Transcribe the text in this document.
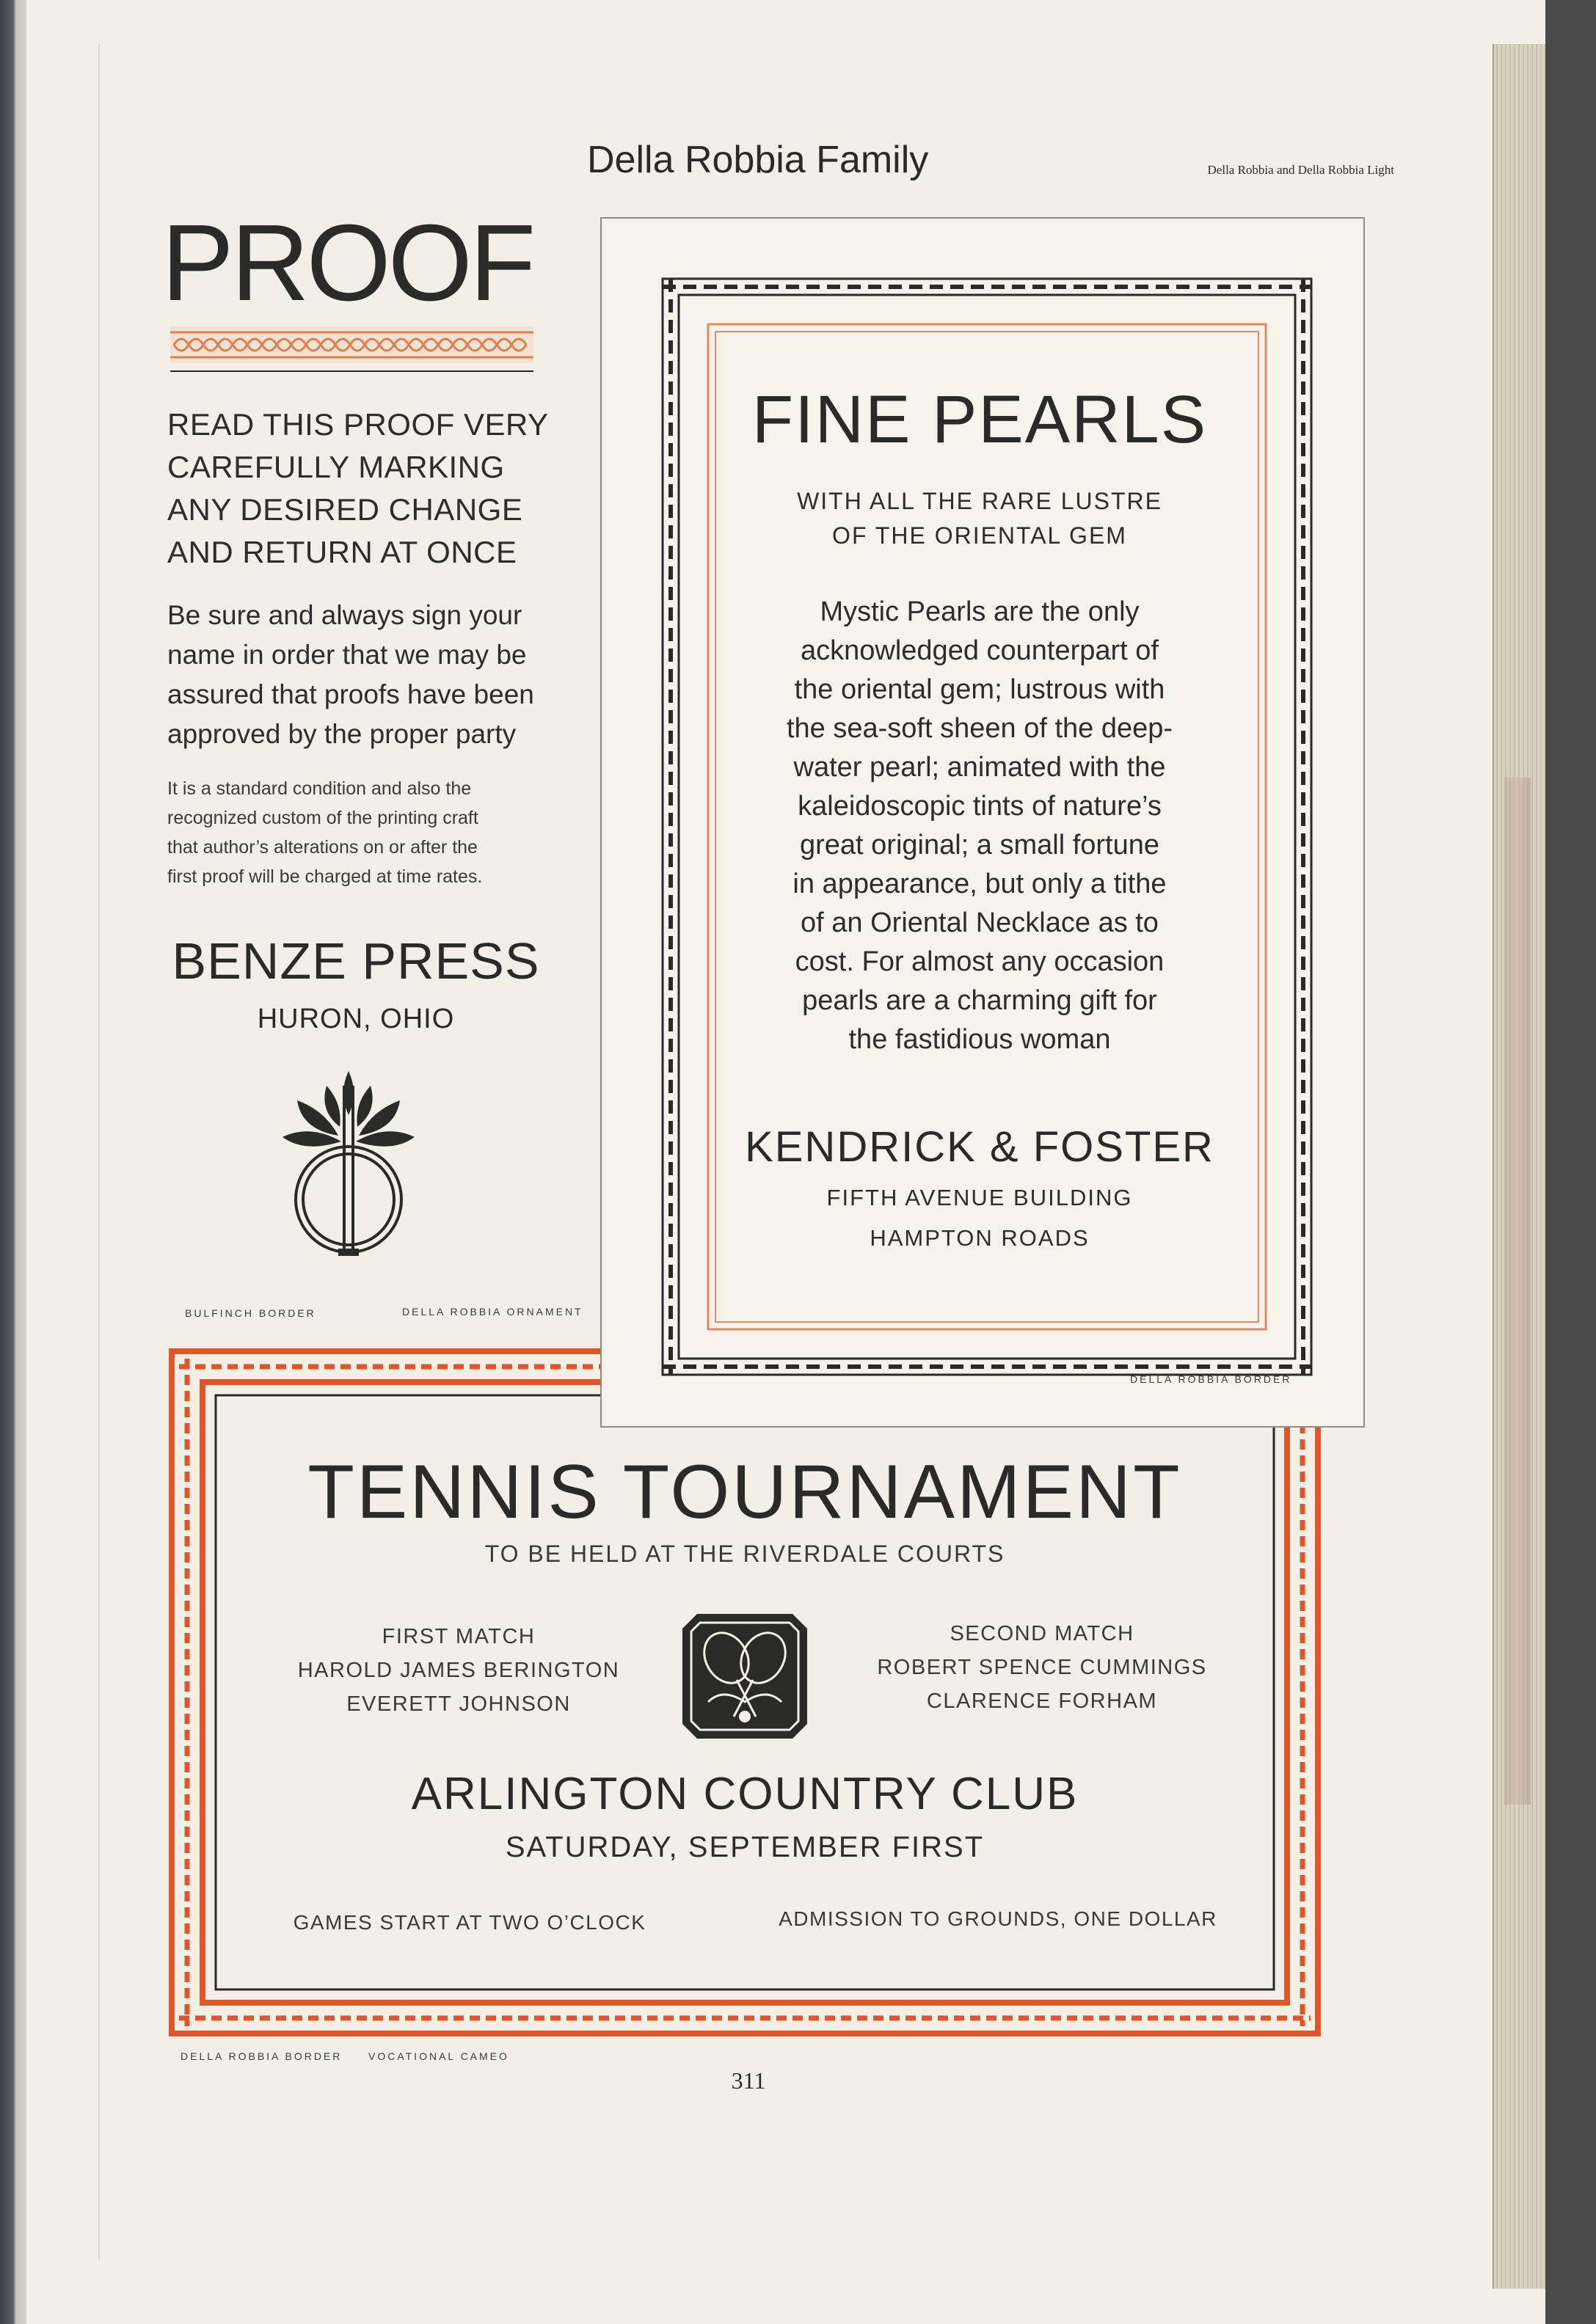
Della Robbia Family	Della Robbia and Della Robbia Light
PROOF
READ THIS PROOF VERY
CAREFULLY MARKING
ANY DESIRED CHANGE
AND RETURN AT ONCE
Be sure and always sign your
name in order that we may be
assured that proofs have been
approved by the proper party
It is a standard condition and also the
recognized custom of the printing craft
that author’s alterations on or after the
first proof will be charged at time rates.
BENZE PRESS
HURON, OHIO
BULFINCH BORDER	DELLA ROBBIA ORNAMENT
FINE PEARLS
WITH ALL THE RARE LUSTRE
OF THE ORIENTAL GEM
Mystic Pearls are the only
acknowledged counterpart of
the oriental gem; lustrous with
the sea-soft sheen of the deep-
water pearl; animated with the
kaleidoscopic tints of nature’s
great original; a small fortune
in appearance, but only a tithe
of an Oriental Necklace as to
cost. For almost any occasion
pearls are a charming gift for
the fastidious woman
KENDRICK & FOSTER
FIFTH AVENUE BUILDING
HAMPTON ROADS
DELLA ROBBIA BORDER
TENNIS TOURNAMENT
TO BE HELD AT THE RIVERDALE COURTS
FIRST MATCH
HAROLD JAMES BERINGTON
EVERETT JOHNSON
SECOND MATCH
ROBERT SPENCE CUMMINGS
CLARENCE FORHAM
ARLINGTON COUNTRY CLUB
SATURDAY, SEPTEMBER FIRST
GAMES START AT TWO O’CLOCK	ADMISSION TO GROUNDS, ONE DOLLAR
DELLA ROBBIA BORDER	VOCATIONAL CAMEO
311
